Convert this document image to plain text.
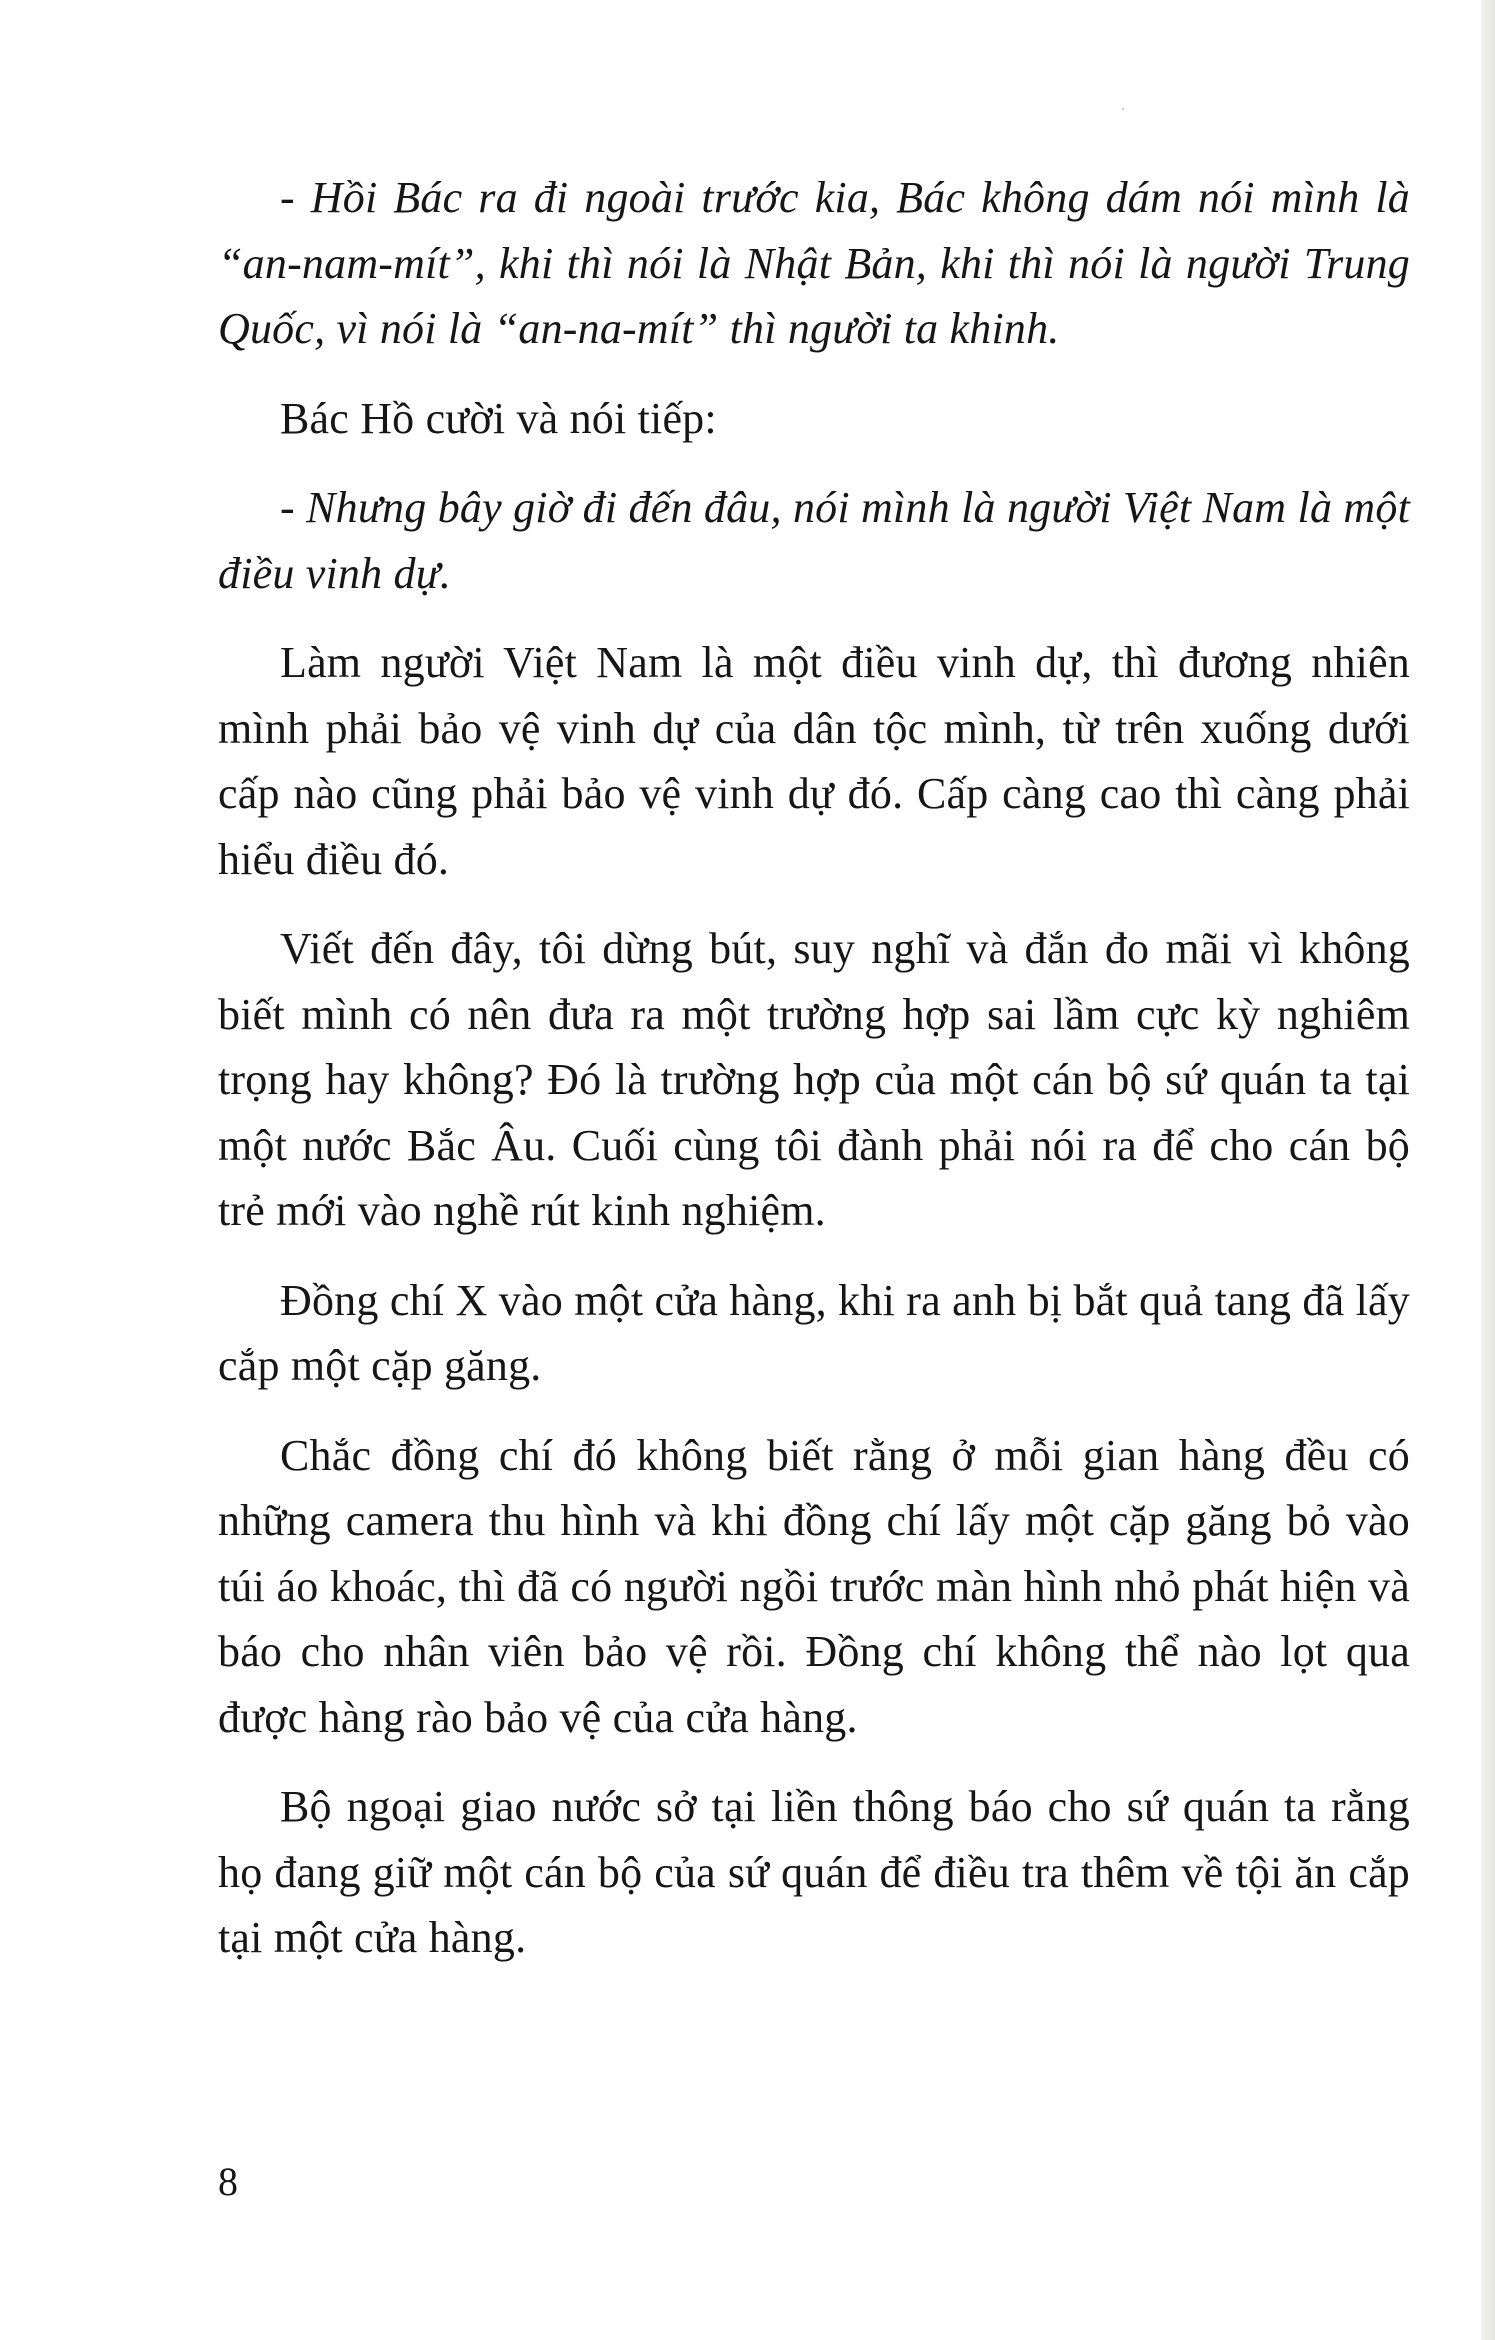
- Hồi Bác ra đi ngoài trước kia, Bác không dám nói mình là “an-nam-mít”, khi thì nói là Nhật Bản, khi thì nói là người Trung Quốc, vì nói là “an-na-mít” thì người ta khinh.

Bác Hồ cười và nói tiếp:

- Nhưng bây giờ đi đến đâu, nói mình là người Việt Nam là một điều vinh dự.

Làm người Việt Nam là một điều vinh dự, thì đương nhiên mình phải bảo vệ vinh dự của dân tộc mình, từ trên xuống dưới cấp nào cũng phải bảo vệ vinh dự đó. Cấp càng cao thì càng phải hiểu điều đó.

Viết đến đây, tôi dừng bút, suy nghĩ và đắn đo mãi vì không biết mình có nên đưa ra một trường hợp sai lầm cực kỳ nghiêm trọng hay không? Đó là trường hợp của một cán bộ sứ quán ta tại một nước Bắc Âu. Cuối cùng tôi đành phải nói ra để cho cán bộ trẻ mới vào nghề rút kinh nghiệm.

Đồng chí X vào một cửa hàng, khi ra anh bị bắt quả tang đã lấy cắp một cặp găng.

Chắc đồng chí đó không biết rằng ở mỗi gian hàng đều có những camera thu hình và khi đồng chí lấy một cặp găng bỏ vào túi áo khoác, thì đã có người ngồi trước màn hình nhỏ phát hiện và báo cho nhân viên bảo vệ rồi. Đồng chí không thể nào lọt qua được hàng rào bảo vệ của cửa hàng.

Bộ ngoại giao nước sở tại liền thông báo cho sứ quán ta rằng họ đang giữ một cán bộ của sứ quán để điều tra thêm về tội ăn cắp tại một cửa hàng.

8
